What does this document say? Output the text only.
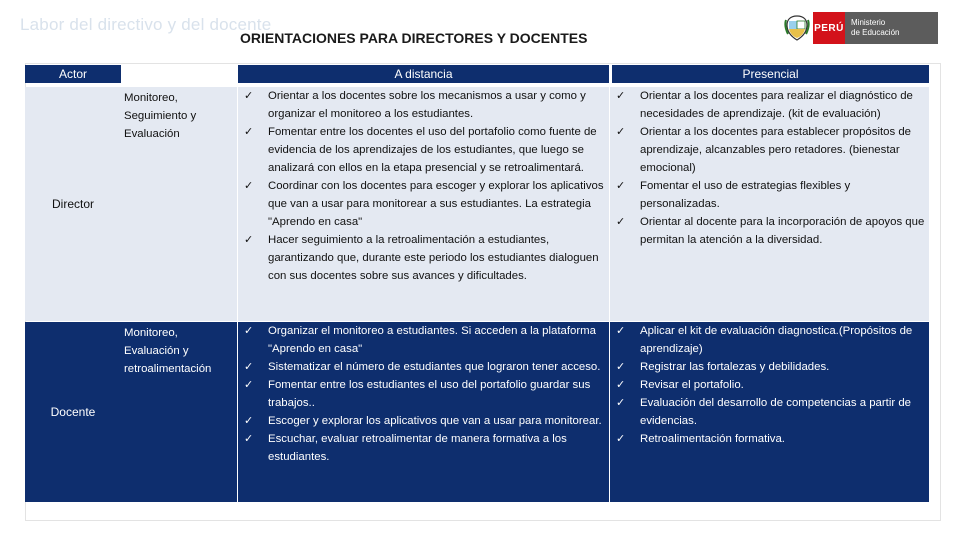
Labor del directivo y del docente
ORIENTACIONES PARA DIRECTORES Y DOCENTES
PERÚ Ministerio
de Educación
Actor	A distancia	Presencial
Director
Monitoreo,
Seguimiento y
Evaluación
✓ Orientar a los docentes sobre los mecanismos a usar y como y organizar el monitoreo a los estudiantes.
✓ Fomentar entre los docentes el uso del portafolio como fuente de evidencia de los aprendizajes de los estudiantes, que luego se analizará con ellos en la etapa presencial y se retroalimentará.
✓ Coordinar con los docentes para escoger y explorar los aplicativos que van a usar para monitorear a sus estudiantes. La estrategia "Aprendo en casa"
✓ Hacer seguimiento a la retroalimentación a estudiantes, garantizando que, durante este periodo los estudiantes dialoguen con sus docentes sobre sus avances y dificultades.
✓ Orientar a los docentes para realizar el diagnóstico de necesidades de aprendizaje. (kit de evaluación)
✓ Orientar a los docentes para establecer propósitos de aprendizaje, alcanzables pero retadores. (bienestar emocional)
✓ Fomentar el uso de estrategias flexibles y personalizadas.
✓ Orientar al docente para la incorporación de apoyos que permitan la atención a la diversidad.
Docente
Monitoreo,
Evaluación y
retroalimentación
✓ Organizar el monitoreo a estudiantes. Si acceden a la plataforma "Aprendo en casa"
✓ Sistematizar el número de estudiantes que lograron tener acceso.
✓ Fomentar entre los estudiantes el uso del portafolio guardar sus trabajos..
✓ Escoger y explorar los aplicativos que van a usar para monitorear.
✓ Escuchar, evaluar retroalimentar de manera formativa a los estudiantes.
✓ Aplicar el kit de evaluación diagnostica.(Propósitos de aprendizaje)
✓ Registrar las fortalezas y debilidades.
✓ Revisar el portafolio.
✓ Evaluación del desarrollo de competencias a partir de evidencias.
✓ Retroalimentación formativa.
